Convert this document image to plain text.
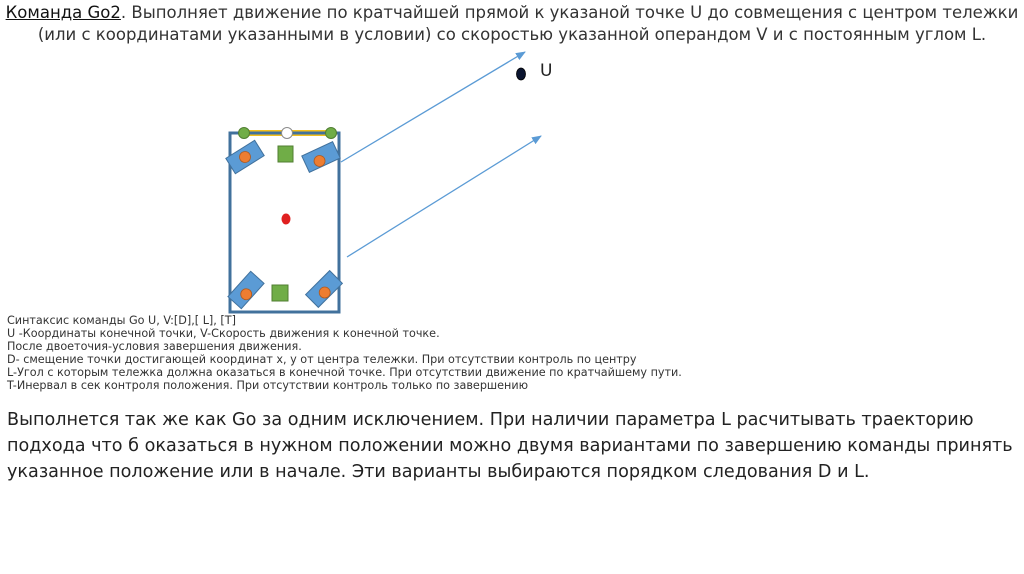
Команда Go2. Выполняет движение по кратчайшей прямой к указаной точке U до совмещения с центром тележки (или с координатами указанными в условии) со скоростью указанной операндом V и с постоянным углом L.
U
Синтаксис команды Go U, V:[D],[ L], [T]
U -Координаты конечной точки, V-Скорость движения к конечной точке.
После двоеточия-условия завершения движения.
D- смещение точки достигающей координат х, у от центра тележки. При отсутствии контроль по центру
L-Угол с которым тележка должна оказаться в конечной точке. При отсутствии движение по кратчайшему пути.
T-Инервал в сек контроля положения. При отсутствии контроль только по завершению
Выполнется так же как Go за одним исключением. При наличии параметра L расчитывать траекторию подхода что б оказаться в нужном положении можно двумя вариантами по завершению команды принять указанное положение или в начале. Эти варианты выбираются порядком следования D и L.
